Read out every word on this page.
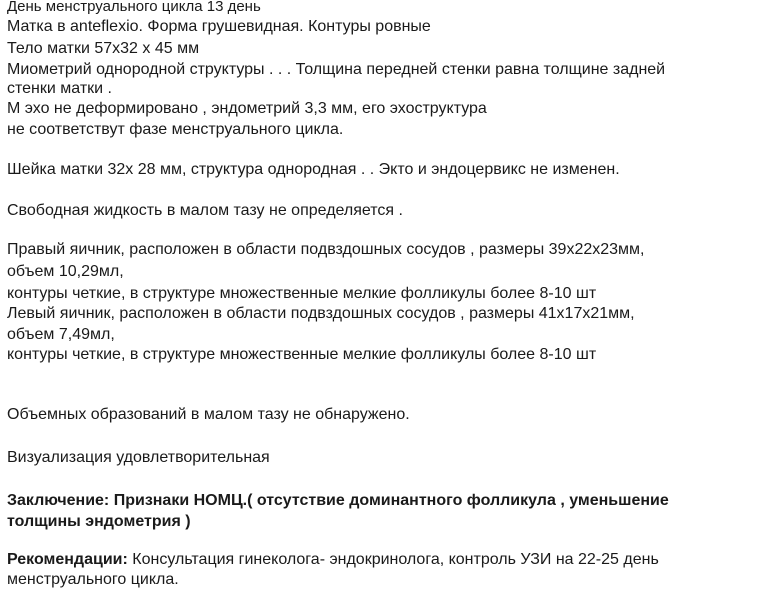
День менструального цикла 13 день
Матка в anteflexio. Форма грушевидная. Контуры ровные
Тело матки 57х32 х 45 мм
Миометрий однородной структуры . . . Толщина передней стенки равна толщине задней
стенки матки .
М эхо не деформировано , эндометрий 3,3 мм, его эхоструктура
не соответствут фазе менструального цикла.
Шейка матки 32х 28 мм, структура однородная . . Экто и эндоцервикс не изменен.
Свободная жидкость в малом тазу не определяется .
Правый яичник, расположен в области подвздошных сосудов , размеры 39х22х23мм,
объем 10,29мл,
контуры четкие, в структуре множественные мелкие фолликулы более 8-10 шт
Левый яичник, расположен в области подвздошных сосудов , размеры 41х17х21мм,
объем 7,49мл,
контуры четкие, в структуре множественные мелкие фолликулы более 8-10 шт
Объемных образований в малом тазу не обнаружено.
Визуализация удовлетворительная
Заключение: Признаки НОМЦ.( отсутствие доминантного фолликула , уменьшение
толщины эндометрия )
Рекомендации: Консультация гинеколога- эндокринолога, контроль УЗИ на 22-25 день
менструального цикла.
